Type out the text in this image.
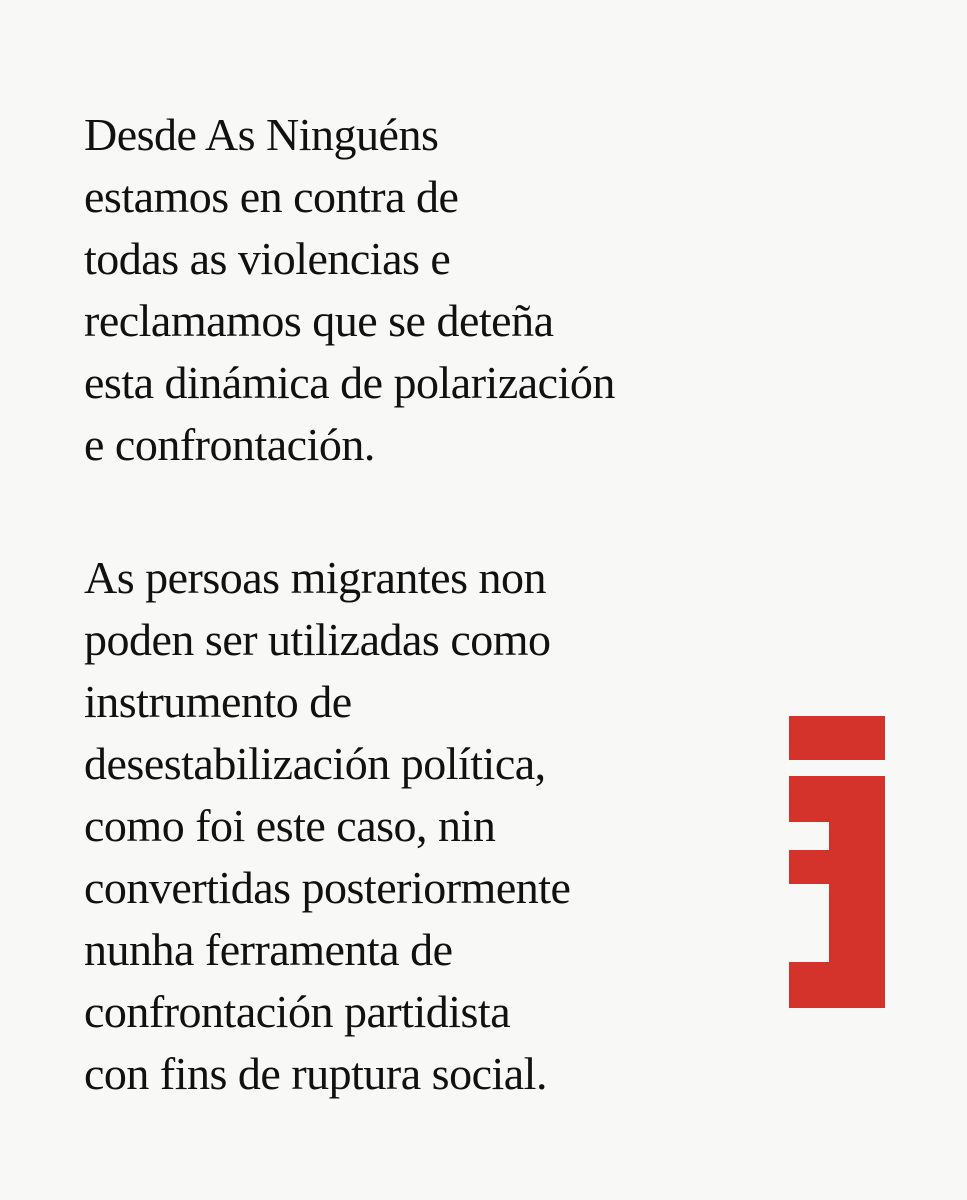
Desde As Ninguéns
estamos en contra de
todas as violencias e
reclamamos que se deteña
esta dinámica de polarización
e confrontación.

As persoas migrantes non
poden ser utilizadas como
instrumento de
desestabilización política,
como foi este caso, nin
convertidas posteriormente
nunha ferramenta de
confrontación partidista
con fins de ruptura social.
